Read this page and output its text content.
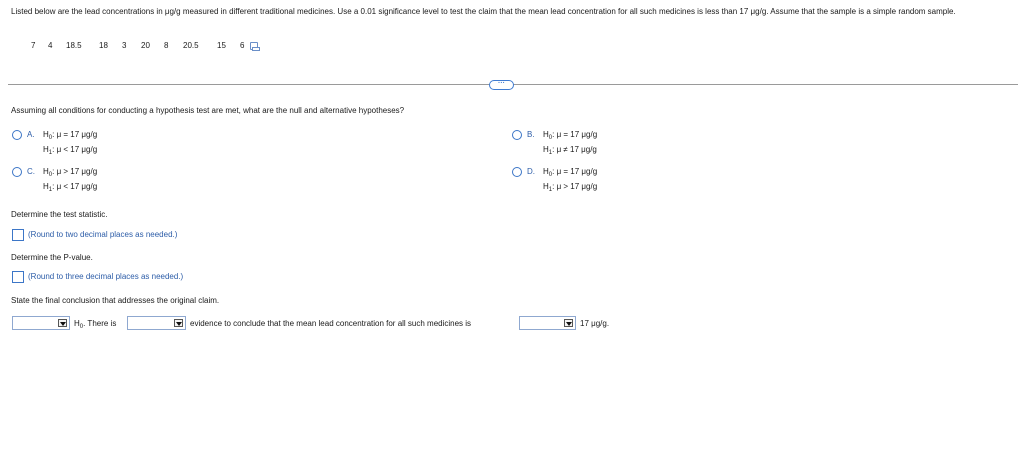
Listed below are the lead concentrations in μg/g measured in different traditional medicines. Use a 0.01 significance level to test the claim that the mean lead concentration for all such medicines is less than 17 μg/g. Assume that the sample is a simple random sample.
7 4 18.5 18 3 20 8 20.5 15 6
···
Assuming all conditions for conducting a hypothesis test are met, what are the null and alternative hypotheses?
A. $H_0$: μ = 17 μg/g
$H_1$: μ < 17 μg/g
B. $H_0$: μ = 17 μg/g
$H_1$: μ ≠ 17 μg/g
C. $H_0$: μ > 17 μg/g
$H_1$: μ < 17 μg/g
D. $H_0$: μ = 17 μg/g
$H_1$: μ > 17 μg/g
Determine the test statistic.
(Round to two decimal places as needed.)
Determine the P-value.
(Round to three decimal places as needed.)
State the final conclusion that addresses the original claim.
$H_0$. There is	evidence to conclude that the mean lead concentration for all such medicines is	17 μg/g.
